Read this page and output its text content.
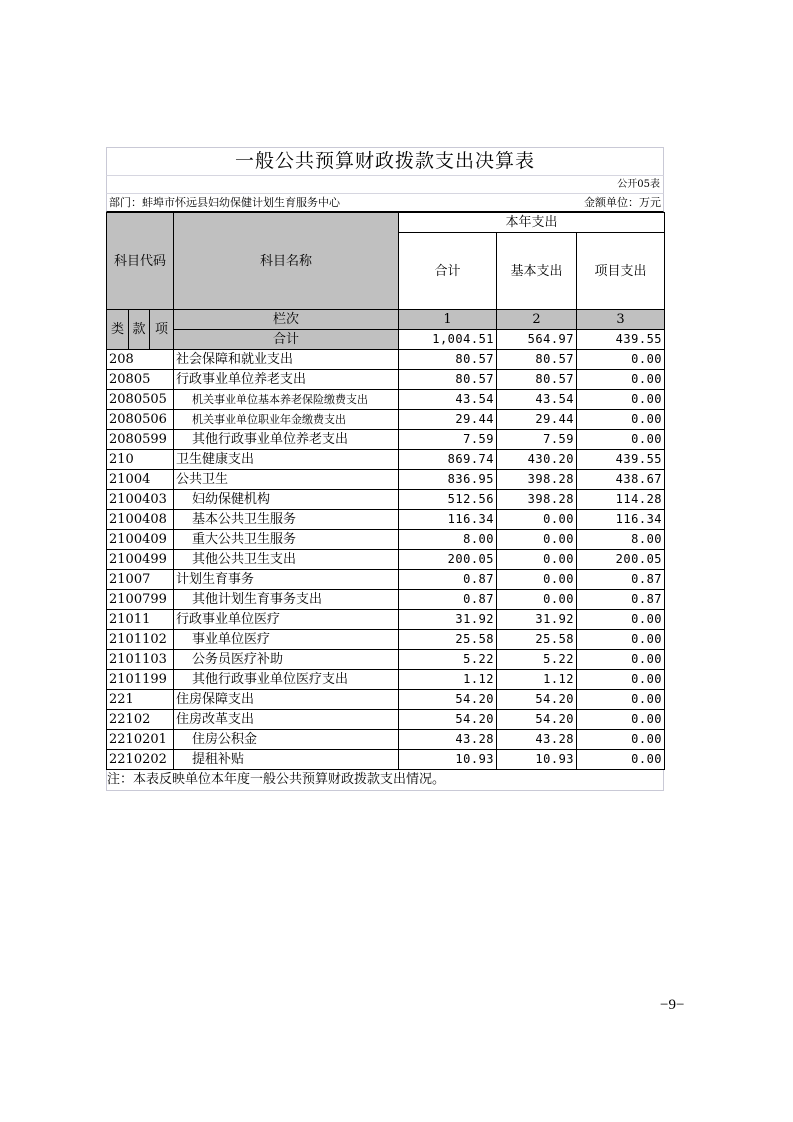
一般公共预算财政拨款支出决算表
公开05表
部门：蚌埠市怀远县妇幼保健计划生育服务中心	金额单位：万元
科目代码			科目名称	本年支出		
				合计	基本支出	项目支出

类	款	项	栏次	1	2	3
			合计	1,004.51	564.97	439.55
208			社会保障和就业支出	80.57	80.57	0.00
20805			行政事业单位养老支出	80.57	80.57	0.00
2080505			机关事业单位基本养老保险缴费支出	43.54	43.54	0.00
2080506			机关事业单位职业年金缴费支出	29.44	29.44	0.00
2080599			其他行政事业单位养老支出	7.59	7.59	0.00
210			卫生健康支出	869.74	430.20	439.55
21004			公共卫生	836.95	398.28	438.67
2100403			妇幼保健机构	512.56	398.28	114.28
2100408			基本公共卫生服务	116.34	0.00	116.34
2100409			重大公共卫生服务	8.00	0.00	8.00
2100499			其他公共卫生支出	200.05	0.00	200.05
21007			计划生育事务	0.87	0.00	0.87
2100799			其他计划生育事务支出	0.87	0.00	0.87
21011			行政事业单位医疗	31.92	31.92	0.00
2101102			事业单位医疗	25.58	25.58	0.00
2101103			公务员医疗补助	5.22	5.22	0.00
2101199			其他行政事业单位医疗支出	1.12	1.12	0.00
221			住房保障支出	54.20	54.20	0.00
22102			住房改革支出	54.20	54.20	0.00
2210201			住房公积金	43.28	43.28	0.00
2210202			提租补贴	10.93	10.93	0.00
注：本表反映单位本年度一般公共预算财政拨款支出情况。
−9−
